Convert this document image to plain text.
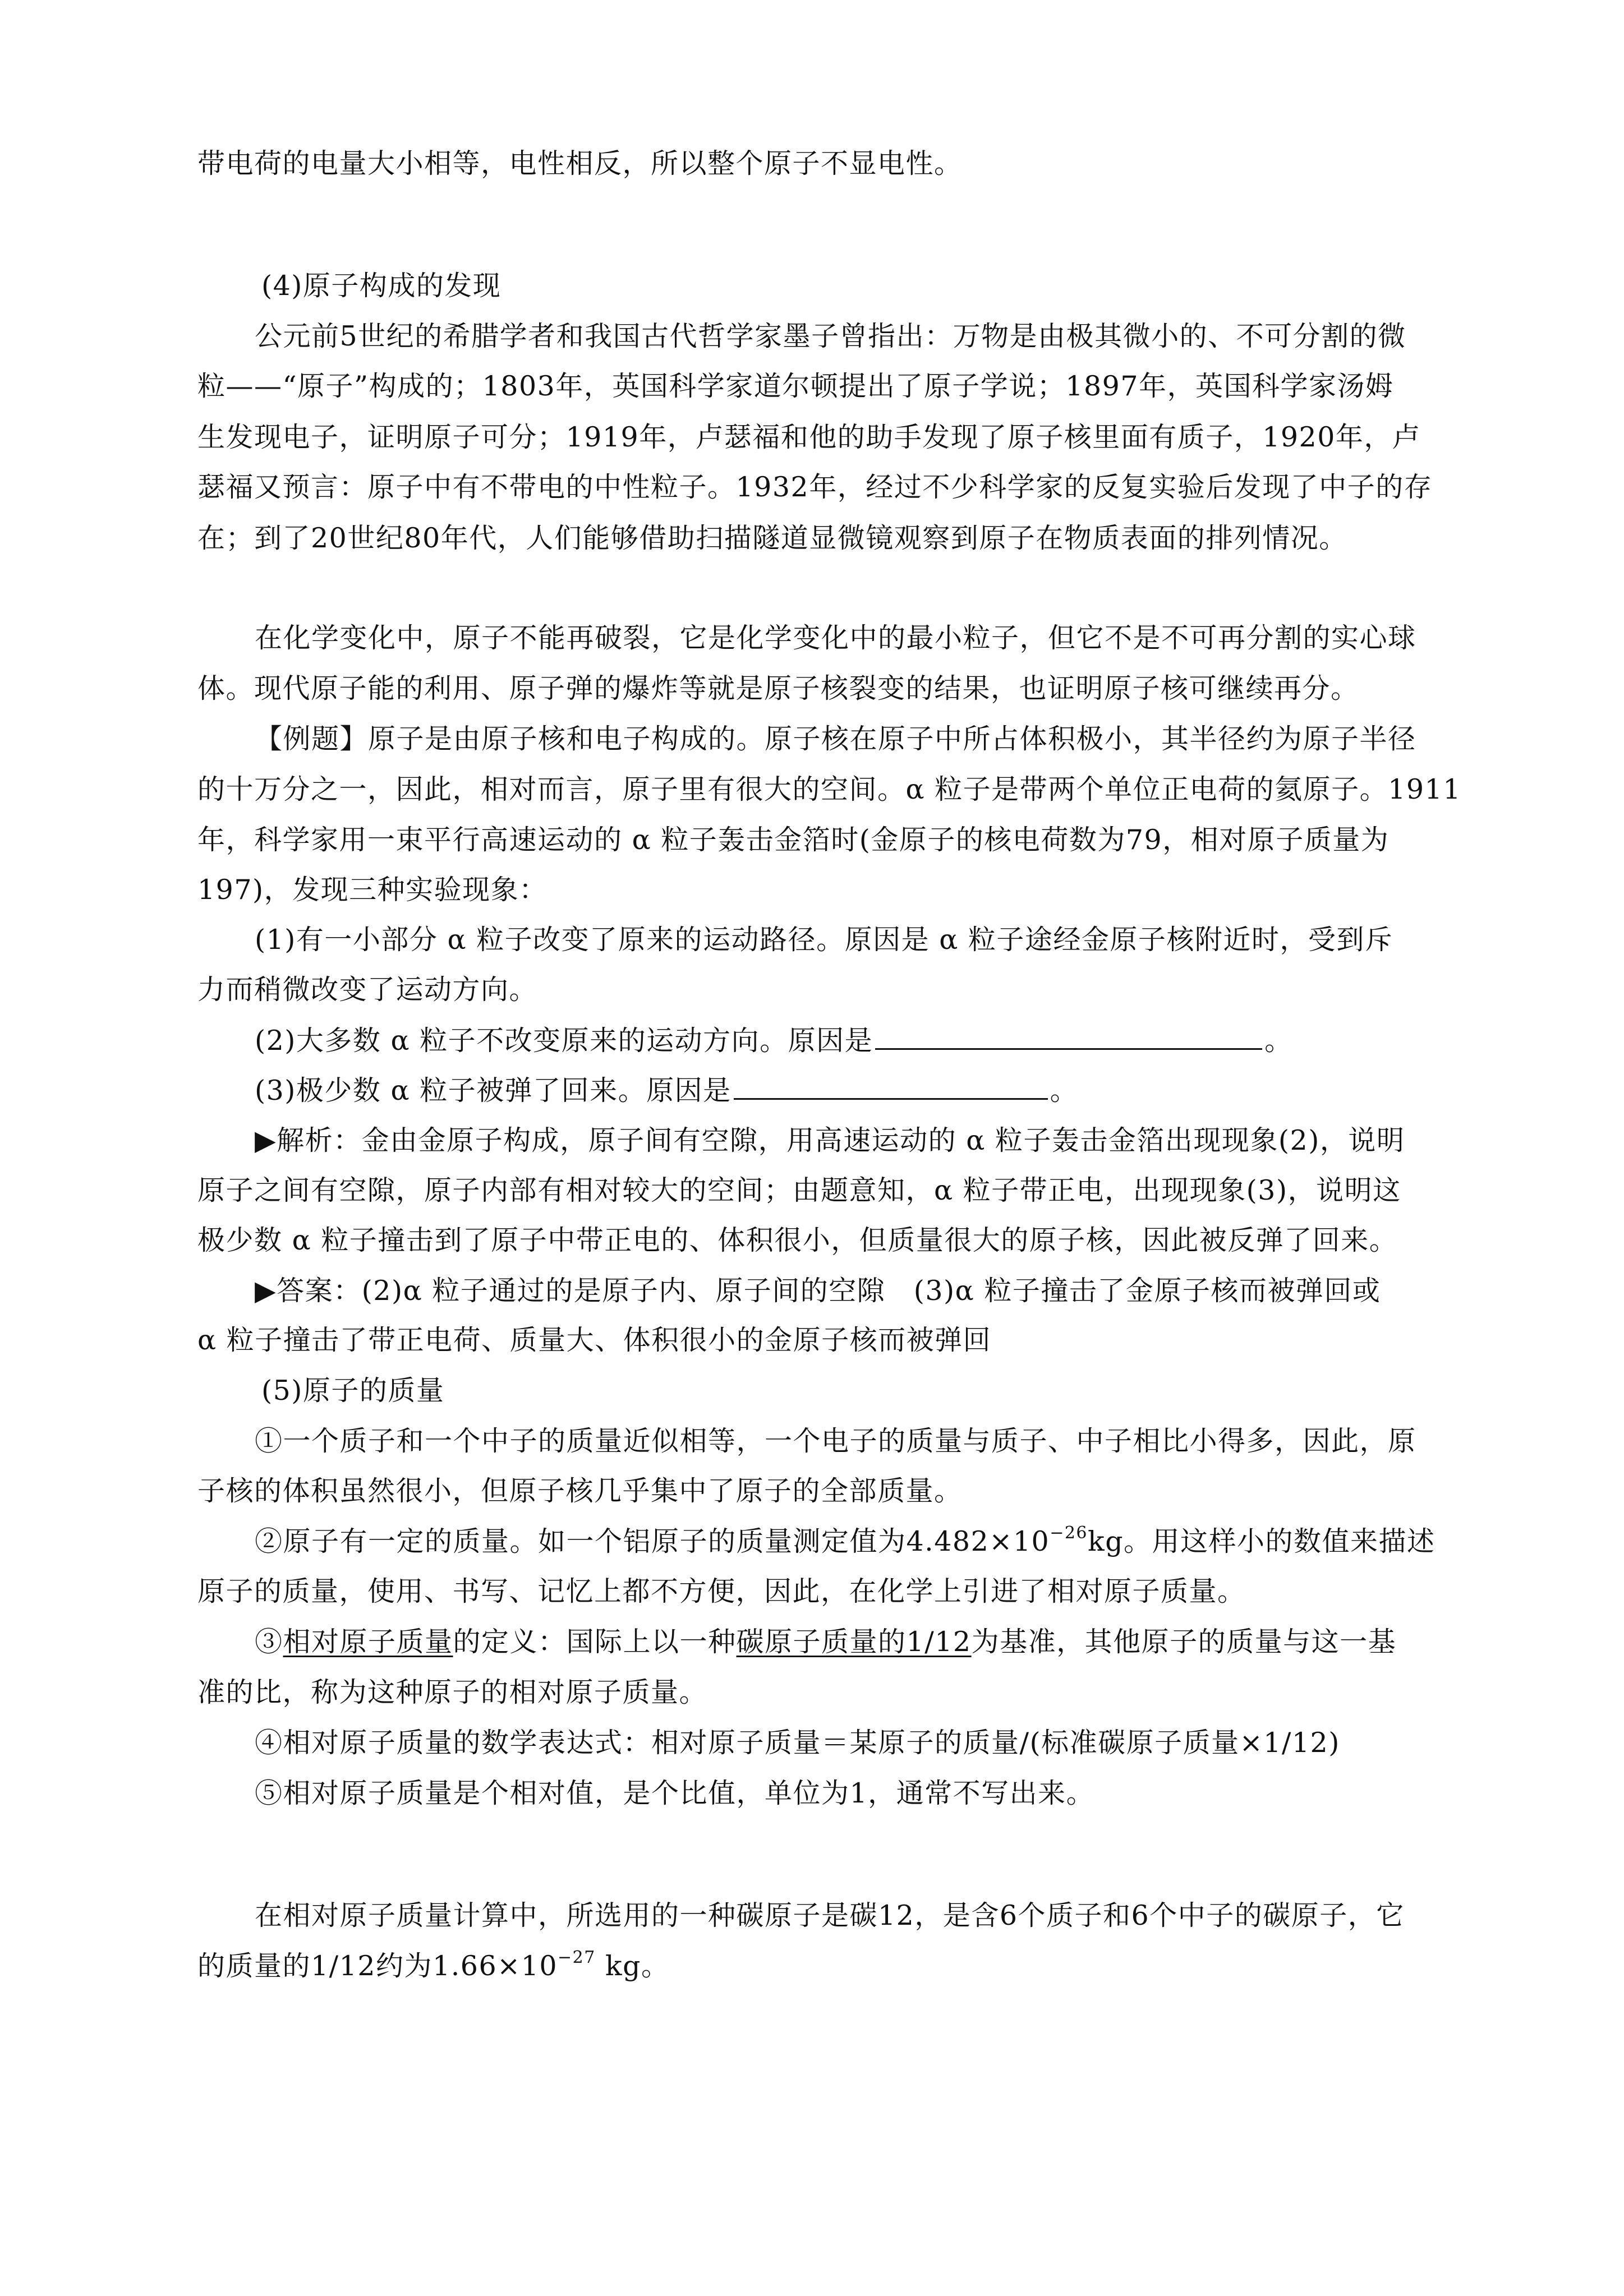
带电荷的电量大小相等，电性相反，所以整个原子不显电性。
(4)原子构成的发现
公元前5世纪的希腊学者和我国古代哲学家墨子曾指出：万物是由极其微小的、不可分割的微
粒——“原子”构成的；1803年，英国科学家道尔顿提出了原子学说；1897年，英国科学家汤姆
生发现电子，证明原子可分；1919年，卢瑟福和他的助手发现了原子核里面有质子，1920年，卢
瑟福又预言：原子中有不带电的中性粒子。1932年，经过不少科学家的反复实验后发现了中子的存
在；到了20世纪80年代，人们能够借助扫描隧道显微镜观察到原子在物质表面的排列情况。
在化学变化中，原子不能再破裂，它是化学变化中的最小粒子，但它不是不可再分割的实心球
体。现代原子能的利用、原子弹的爆炸等就是原子核裂变的结果，也证明原子核可继续再分。
【例题】原子是由原子核和电子构成的。原子核在原子中所占体积极小，其半径约为原子半径
的十万分之一，因此，相对而言，原子里有很大的空间。α 粒子是带两个单位正电荷的氦原子。1911
年，科学家用一束平行高速运动的 α 粒子轰击金箔时(金原子的核电荷数为79，相对原子质量为
197)，发现三种实验现象：
(1)有一小部分 α 粒子改变了原来的运动路径。原因是 α 粒子途经金原子核附近时，受到斥
力而稍微改变了运动方向。
(2)大多数 α 粒子不改变原来的运动方向。原因是	。
(3)极少数 α 粒子被弹了回来。原因是	。
▶解析：金由金原子构成，原子间有空隙，用高速运动的 α 粒子轰击金箔出现现象(2)，说明
原子之间有空隙，原子内部有相对较大的空间；由题意知，α 粒子带正电，出现现象(3)，说明这
极少数 α 粒子撞击到了原子中带正电的、体积很小，但质量很大的原子核，因此被反弹了回来。
▶答案：(2)α 粒子通过的是原子内、原子间的空隙　(3)α 粒子撞击了金原子核而被弹回或
α 粒子撞击了带正电荷、质量大、体积很小的金原子核而被弹回
(5)原子的质量
①一个质子和一个中子的质量近似相等，一个电子的质量与质子、中子相比小得多，因此，原
子核的体积虽然很小，但原子核几乎集中了原子的全部质量。
②原子有一定的质量。如一个铝原子的质量测定值为$4.482\times 10^{-26}kg$。用这样小的数值来描述
原子的质量，使用、书写、记忆上都不方便，因此，在化学上引进了相对原子质量。
③相对原子质量的定义：国际上以一种碳原子质量的1/12为基准，其他原子的质量与这一基
准的比，称为这种原子的相对原子质量。
④相对原子质量的数学表达式：相对原子质量＝某原子的质量/(标准碳原子质量×1/12)
⑤相对原子质量是个相对值，是个比值，单位为1，通常不写出来。
在相对原子质量计算中，所选用的一种碳原子是碳12，是含6个质子和6个中子的碳原子，它
的质量的1/12约为$1.66\times 10^{-27}$ kg。
